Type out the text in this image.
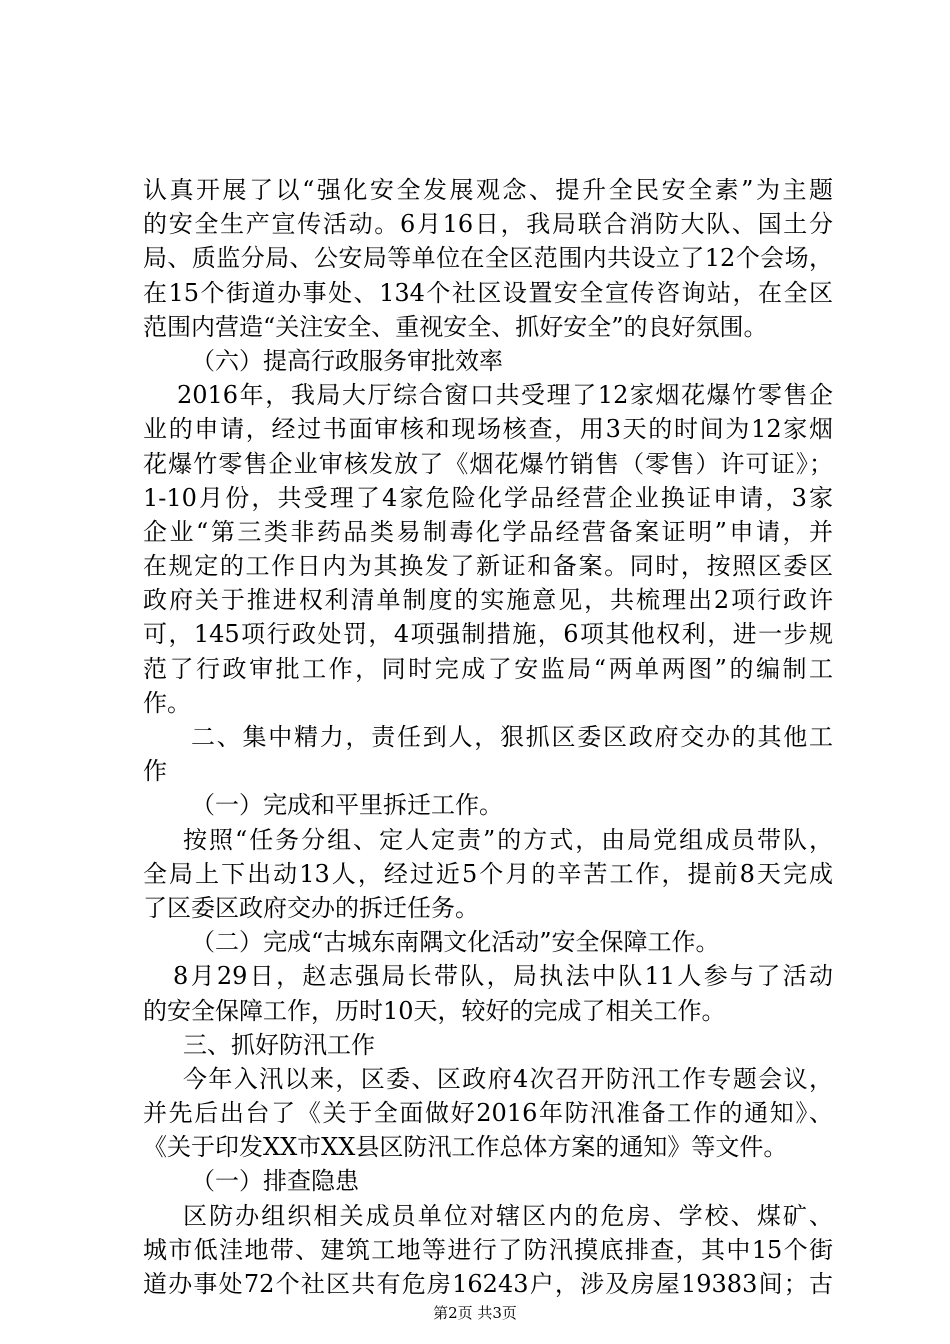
认真开展了以“强化安全发展观念、提升全民安全素”为主题
的安全生产宣传活动。6月16日，我局联合消防大队、国土分
局、质监分局、公安局等单位在全区范围内共设立了12个会场，
在15个街道办事处、134个社区设置安全宣传咨询站，在全区
范围内营造“关注安全、重视安全、抓好安全”的良好氛围。
（六）提高行政服务审批效率
2016年，我局大厅综合窗口共受理了12家烟花爆竹零售企
业的申请，经过书面审核和现场核查，用3天的时间为12家烟
花爆竹零售企业审核发放了《烟花爆竹销售（零售）许可证》；
1-10月份，共受理了4家危险化学品经营企业换证申请，3家
企业“第三类非药品类易制毒化学品经营备案证明”申请，并
在规定的工作日内为其换发了新证和备案。同时，按照区委区
政府关于推进权利清单制度的实施意见，共梳理出2项行政许
可，145项行政处罚，4项强制措施，6项其他权利，进一步规
范了行政审批工作，同时完成了安监局“两单两图”的编制工
作。
二、集中精力，责任到人，狠抓区委区政府交办的其他工
作
（一）完成和平里拆迁工作。
按照“任务分组、定人定责”的方式，由局党组成员带队，
全局上下出动13人，经过近5个月的辛苦工作，提前8天完成
了区委区政府交办的拆迁任务。
（二）完成“古城东南隅文化活动”安全保障工作。
8月29日，赵志强局长带队，局执法中队11人参与了活动
的安全保障工作，历时10天，较好的完成了相关工作。
三、抓好防汛工作
今年入汛以来，区委、区政府4次召开防汛工作专题会议，
并先后出台了《关于全面做好2016年防汛准备工作的通知》、
《关于印发XX市XX县区防汛工作总体方案的通知》等文件。
（一）排查隐患
区防办组织相关成员单位对辖区内的危房、学校、煤矿、
城市低洼地带、建筑工地等进行了防汛摸底排查，其中15个街
道办事处72个社区共有危房16243户，涉及房屋19383间；古
第2页 共3页
